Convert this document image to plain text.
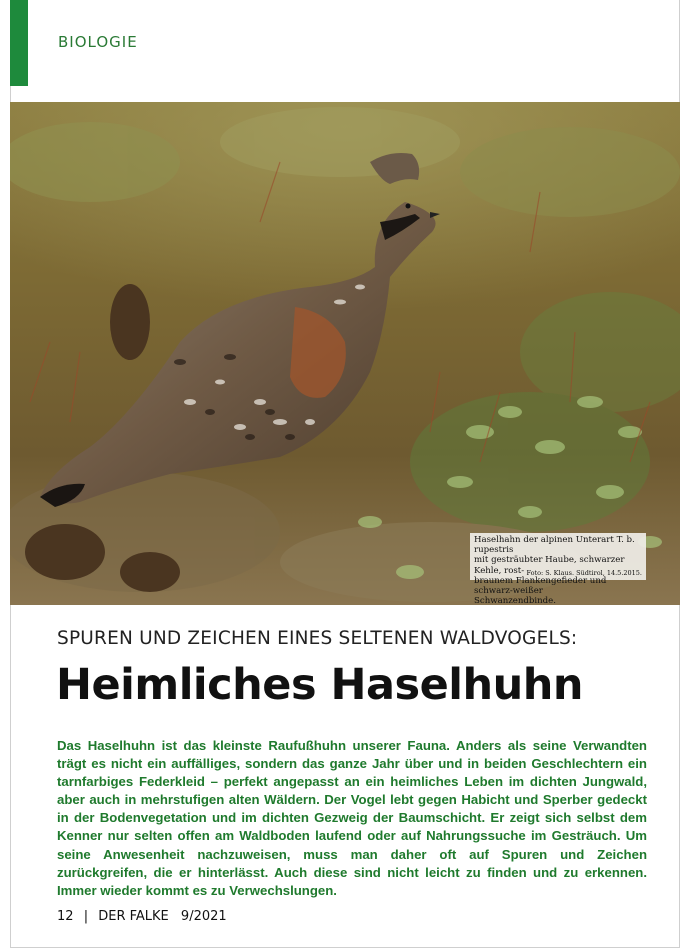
BIOLOGIE
Haselhahn der alpinen Unterart T. b. rupestris
mit gesträubter Haube, schwarzer Kehle, rost-
braunem Flankengefieder und schwarz-weißer
Schwanzendbinde.
Foto: S. Klaus. Südtirol, 14.5.2015.
SPUREN UND ZEICHEN EINES SELTENEN WALDVOGELS:
Heimliches Haselhuhn
Das Haselhuhn ist das kleinste Raufußhuhn unserer Fauna. Anders als seine Verwandten trägt es nicht ein auffälliges, sondern das ganze Jahr über und in beiden Geschlechtern ein tarnfarbiges Federkleid – perfekt angepasst an ein heimliches Leben im dichten Jungwald, aber auch in mehrstufigen alten Wäldern. Der Vogel lebt gegen Habicht und Sperber gedeckt in der Bodenvegetation und im dichten Gezweig der Baumschicht. Er zeigt sich selbst dem Kenner nur selten offen am Waldboden laufend oder auf Nahrungssuche im Gesträuch. Um seine Anwesenheit nachzuweisen, muss man daher oft auf Spuren und Zeichen zurückgreifen, die er hinterlässt. Auch diese sind nicht leicht zu finden und zu erkennen. Immer wieder kommt es zu Verwechslungen.
12 | DER FALKE 9/2021
